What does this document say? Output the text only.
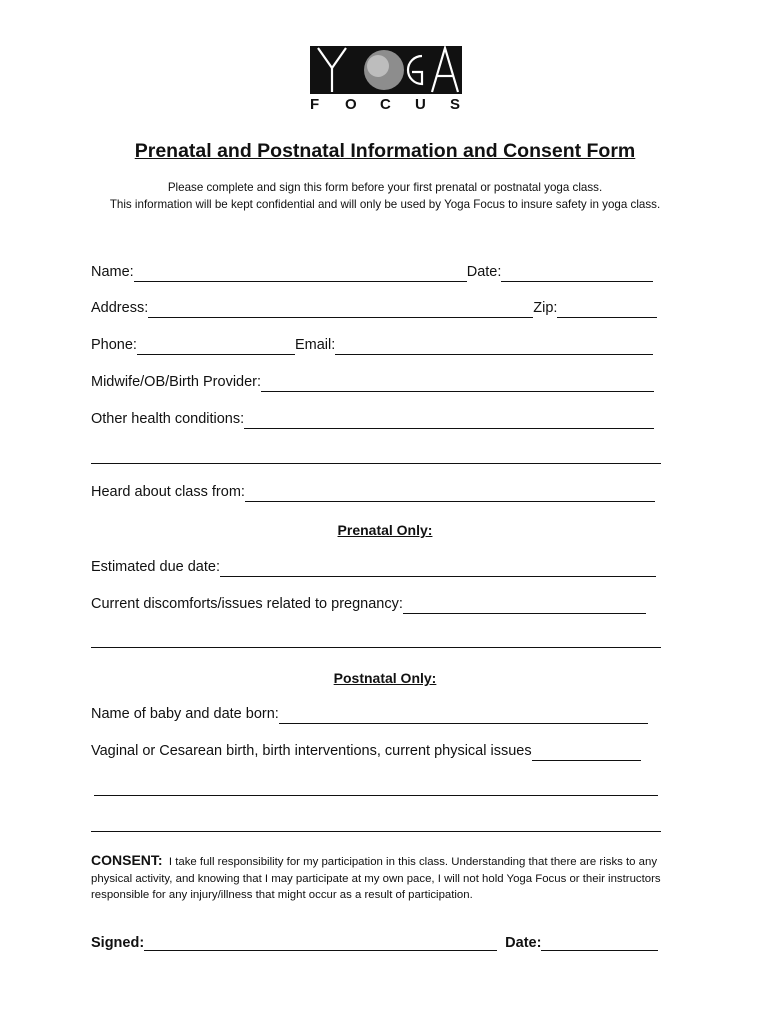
F O C U S
Prenatal and Postnatal Information and Consent Form
Please complete and sign this form before your first prenatal or postnatal yoga class.
This information will be kept confidential and will only be used by Yoga Focus to insure safety in yoga class.
Name:	Date:
Address:	Zip:
Phone:	Email:
Midwife/OB/Birth Provider:
Other health conditions:
Heard about class from:
Prenatal Only:
Estimated due date:
Current discomforts/issues related to pregnancy:
Postnatal Only:
Name of baby and date born:
Vaginal or Cesarean birth, birth interventions, current physical issues
CONSENT: I take full responsibility for my participation in this class. Understanding that there are risks to any physical activity, and knowing that I may participate at my own pace, I will not hold Yoga Focus or their instructors responsible for any injury/illness that might occur as a result of participation.
Signed:	Date:
